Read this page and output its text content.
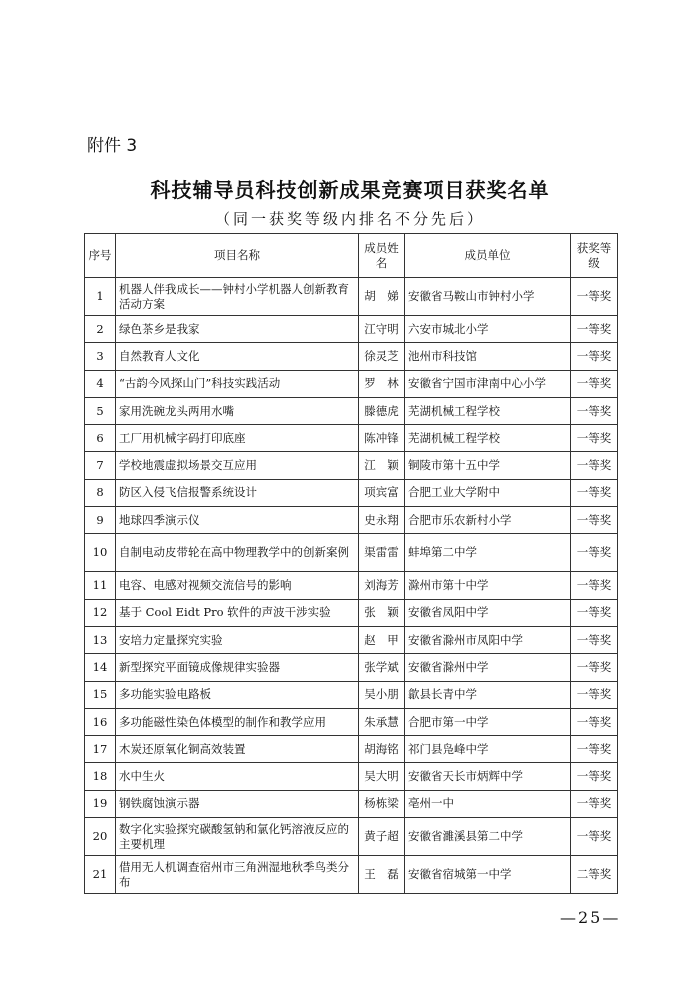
附件 3
科技辅导员科技创新成果竞赛项目获奖名单
（同一获奖等级内排名不分先后）
序号	项目名称	成员姓名	成员单位	获奖等级
1	机器人伴我成长——钟村小学机器人创新教育活动方案	胡　娣	安徽省马鞍山市钟村小学	一等奖
2	绿色茶乡是我家	江守明	六安市城北小学	一等奖
3	自然教育人文化	徐灵芝	池州市科技馆	一等奖
4	“古韵今风探山门”科技实践活动	罗　林	安徽省宁国市津南中心小学	一等奖
5	家用洗碗龙头两用水嘴	滕德虎	芜湖机械工程学校	一等奖
6	工厂用机械字码打印底座	陈冲锋	芜湖机械工程学校	一等奖
7	学校地震虚拟场景交互应用	江　颖	铜陵市第十五中学	一等奖
8	防区入侵飞信报警系统设计	项宾富	合肥工业大学附中	一等奖
9	地球四季演示仪	史永翔	合肥市乐农新村小学	一等奖
10	自制电动皮带轮在高中物理教学中的创新案例	渠雷雷	蚌埠第二中学	一等奖
11	电容、电感对视频交流信号的影响	刘海芳	滁州市第十中学	一等奖
12	基于 Cool Eidt Pro 软件的声波干涉实验	张　颖	安徽省凤阳中学	一等奖
13	安培力定量探究实验	赵　甲	安徽省滁州市凤阳中学	一等奖
14	新型探究平面镜成像规律实验器	张学斌	安徽省滁州中学	一等奖
15	多功能实验电路板	吴小朋	歙县长青中学	一等奖
16	多功能磁性染色体模型的制作和教学应用	朱承慧	合肥市第一中学	一等奖
17	木炭还原氧化铜高效装置	胡海铭	祁门县凫峰中学	一等奖
18	水中生火	吴大明	安徽省天长市炳辉中学	一等奖
19	钢铁腐蚀演示器	杨栋梁	亳州一中	一等奖
20	数字化实验探究碳酸氢钠和氯化钙溶液反应的主要机理	黄子超	安徽省濉溪县第二中学	一等奖
21	借用无人机调查宿州市三角洲湿地秋季鸟类分布	王　磊	安徽省宿城第一中学	二等奖
—25—
